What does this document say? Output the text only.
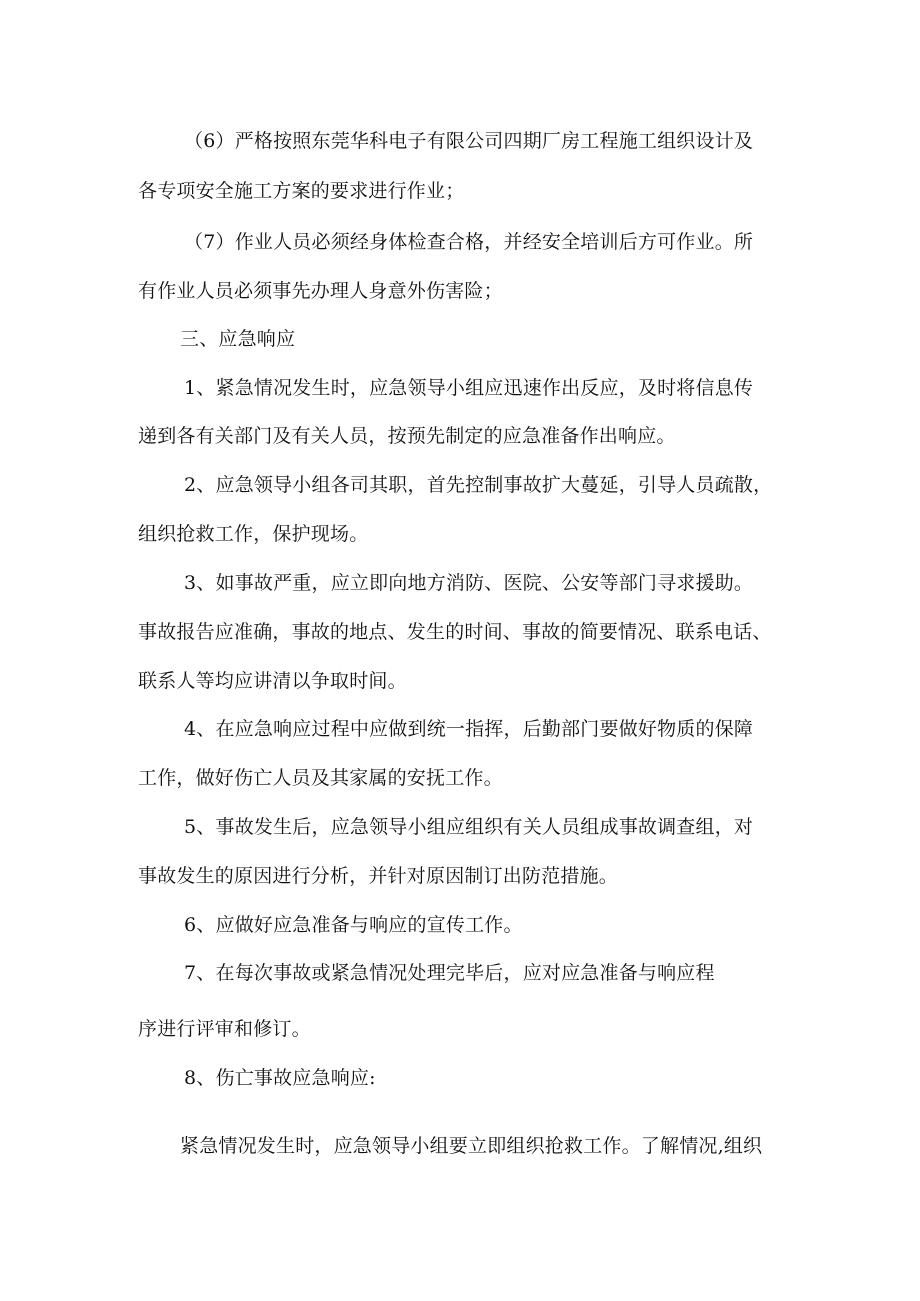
（6）严格按照东莞华科电子有限公司四期厂房工程施工组织设计及
各专项安全施工方案的要求进行作业；
（7）作业人员必须经身体检查合格，并经安全培训后方可作业。所
有作业人员必须事先办理人身意外伤害险；
三、应急响应
1、紧急情况发生时，应急领导小组应迅速作出反应，及时将信息传
递到各有关部门及有关人员，按预先制定的应急准备作出响应。
2、应急领导小组各司其职，首先控制事故扩大蔓延，引导人员疏散，
组织抢救工作，保护现场。
3、如事故严重，应立即向地方消防、医院、公安等部门寻求援助。
事故报告应准确，事故的地点、发生的时间、事故的简要情况、联系电话、
联系人等均应讲清以争取时间。
4、在应急响应过程中应做到统一指挥，后勤部门要做好物质的保障
工作，做好伤亡人员及其家属的安抚工作。
5、事故发生后，应急领导小组应组织有关人员组成事故调查组，对
事故发生的原因进行分析，并针对原因制订出防范措施。
6、应做好应急准备与响应的宣传工作。
7、在每次事故或紧急情况处理完毕后，应对应急准备与响应程
序进行评审和修订。
8、伤亡事故应急响应:
紧急情况发生时，应急领导小组要立即组织抢救工作。了解情况,组织
